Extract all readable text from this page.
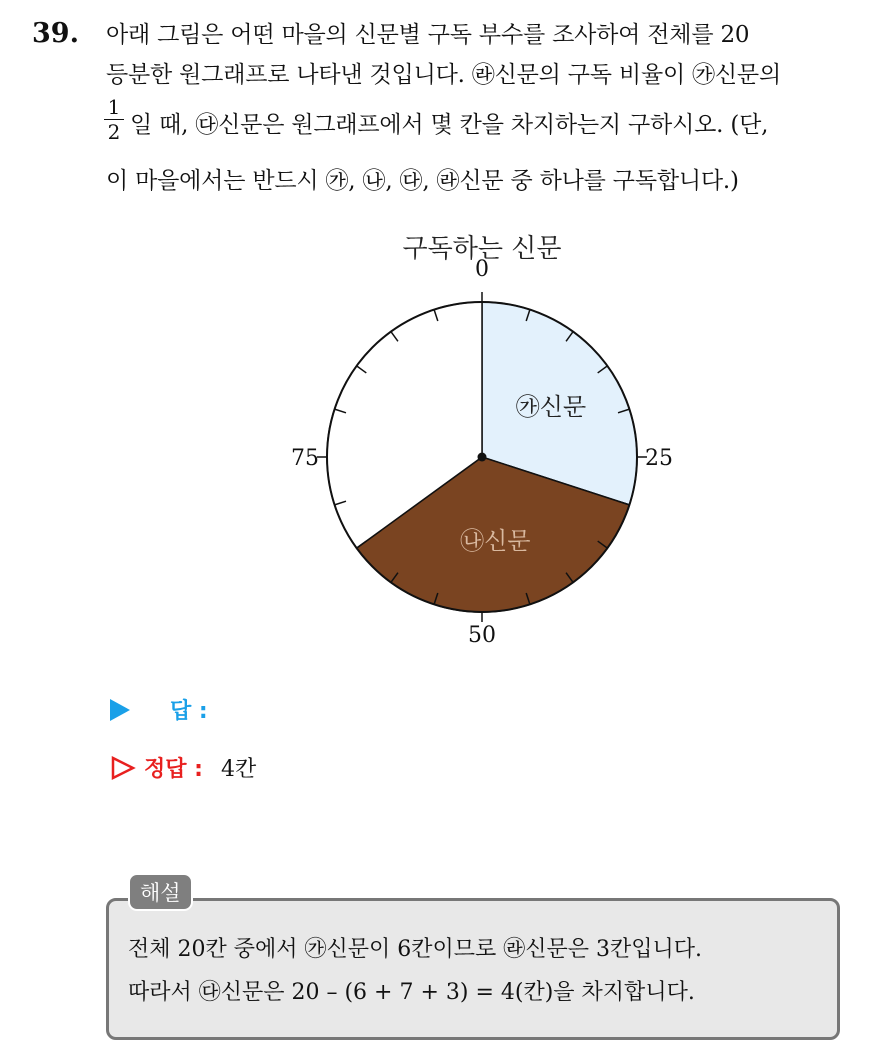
39. 아래 그림은 어떤 마을의 신문별 구독 부수를 조사하여 전체를 20
등분한 원그래프로 나타낸 것입니다. ㉱신문의 구독 비율이 ㉮신문의
1
2 일 때, ㉰신문은 원그래프에서 몇 칸을 차지하는지 구하시오. (단,
이 마을에서는 반드시 ㉮, ㉯, ㉰, ㉱신문 중 하나를 구독합니다.)
구독하는 신문
0
25
50
75
㉮신문
㉯신문
답 :
정답 : 4칸
해설
전체 20칸 중에서 ㉮신문이 6칸이므로 ㉱신문은 3칸입니다.
따라서 ㉰신문은 20 – (6 + 7 + 3) = 4(칸)을 차지합니다.
